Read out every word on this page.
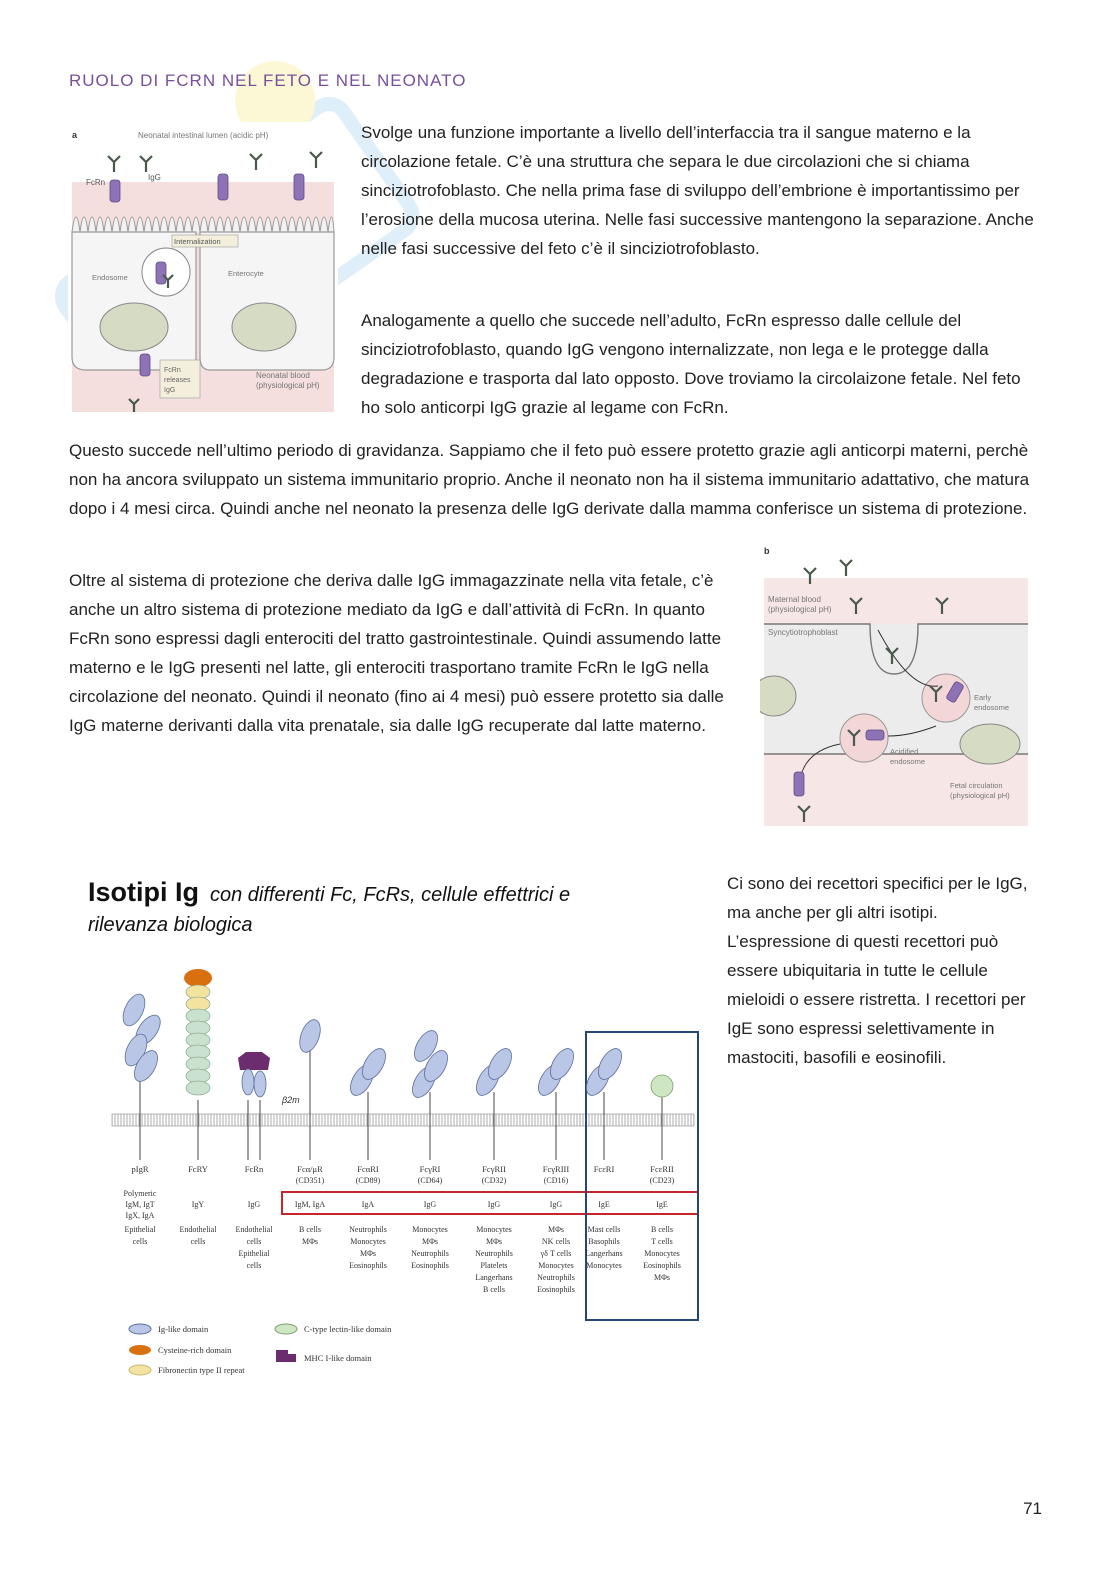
RUOLO DI FCRN NEL FETO E NEL NEONATO
a	Neonatal intestinal lumen (acidic pH)
FcRn
IgG
Internalization
Endosome	Enterocyte
FcRn
releases
IgG
Neonatal blood
(physiological pH)
Svolge una funzione importante a livello dell’interfaccia tra il sangue materno e la circolazione fetale. C’è una struttura che separa le due circolazioni che si chiama sinciziotrofoblasto. Che nella prima fase di sviluppo dell’embrione è importantissimo per l’erosione della mucosa uterina. Nelle fasi successive mantengono la separazione. Anche nelle fasi successive del feto c’è il sinciziotrofoblasto.
Analogamente a quello che succede nell’adulto, FcRn espresso dalle cellule del sinciziotrofoblasto, quando IgG vengono internalizzate, non lega e le protegge dalla degradazione e trasporta dal lato opposto. Dove troviamo la circolaizone fetale. Nel feto ho solo anticorpi IgG grazie al legame con FcRn.
Questo succede nell’ultimo periodo di gravidanza. Sappiamo che il feto può essere protetto grazie agli anticorpi materni, perchè non ha ancora sviluppato un sistema immunitario proprio. Anche il neonato non ha il sistema immunitario adattativo, che matura dopo i 4 mesi circa. Quindi anche nel neonato la presenza delle IgG derivate dalla mamma conferisce un sistema di protezione.
Oltre al sistema di protezione che deriva dalle IgG immagazzinate nella vita fetale, c’è anche un altro sistema di protezione mediato da IgG e dall’attività di FcRn. In quanto FcRn sono espressi dagli enterociti del tratto gastrointestinale. Quindi assumendo latte materno e le IgG presenti nel latte, gli enterociti trasportano tramite FcRn le IgG nella circolazione del neonato. Quindi il neonato (fino ai 4 mesi) può essere protetto sia dalle IgG materne derivanti dalla vita prenatale, sia dalle IgG recuperate dal latte materno.
b
Maternal blood
(physiological pH)
Syncytiotrophoblast
Early
endosome
Acidified
endosome
Fetal circulation
(physiological pH)
Isotipi Ig con differenti Fc, FcRs, cellule effettrici e
rilevanza biologica
β2m
pIgR
Polymeric
IgM, IgT
IgX, IgA
Epithelial
cells
FcRY
IgY
Endothelial
cells
FcRn
IgG
Endothelial
cells
Epithelial
cells
Fcα/μR
(CD351)
IgM, IgA
B cells
MΦs
FcαRI
(CD89)
IgA
Neutrophils
Monocytes
MΦs
Eosinophils
FcγRI
(CD64)
IgG
Monocytes
MΦs
Neutrophils
Eosinophils
FcγRII
(CD32)
IgG
Monocytes
MΦs
Neutrophils
Platelets
Langerhans
B cells
FcγRIII
(CD16)
IgG
MΦs
NK cells
γδ T cells
Monocytes
Neutrophils
Eosinophils
FcεRI
IgE
Mast cells
Basophils
Langerhans
Monocytes
FcεRII
(CD23)
IgE
B cells
T cells
Monocytes
Eosinophils
MΦs
Ig-like domain
Cysteine-rich domain
Fibronectin type II repeat
C-type lectin-like domain
MHC I-like domain
Ci sono dei recettori specifici per le IgG, ma anche per gli altri isotipi. L’espressione di questi recettori può essere ubiquitaria in tutte le cellule mieloidi o essere ristretta. I recettori per IgE sono espressi selettivamente in mastociti, basofili e eosinofili.
71
